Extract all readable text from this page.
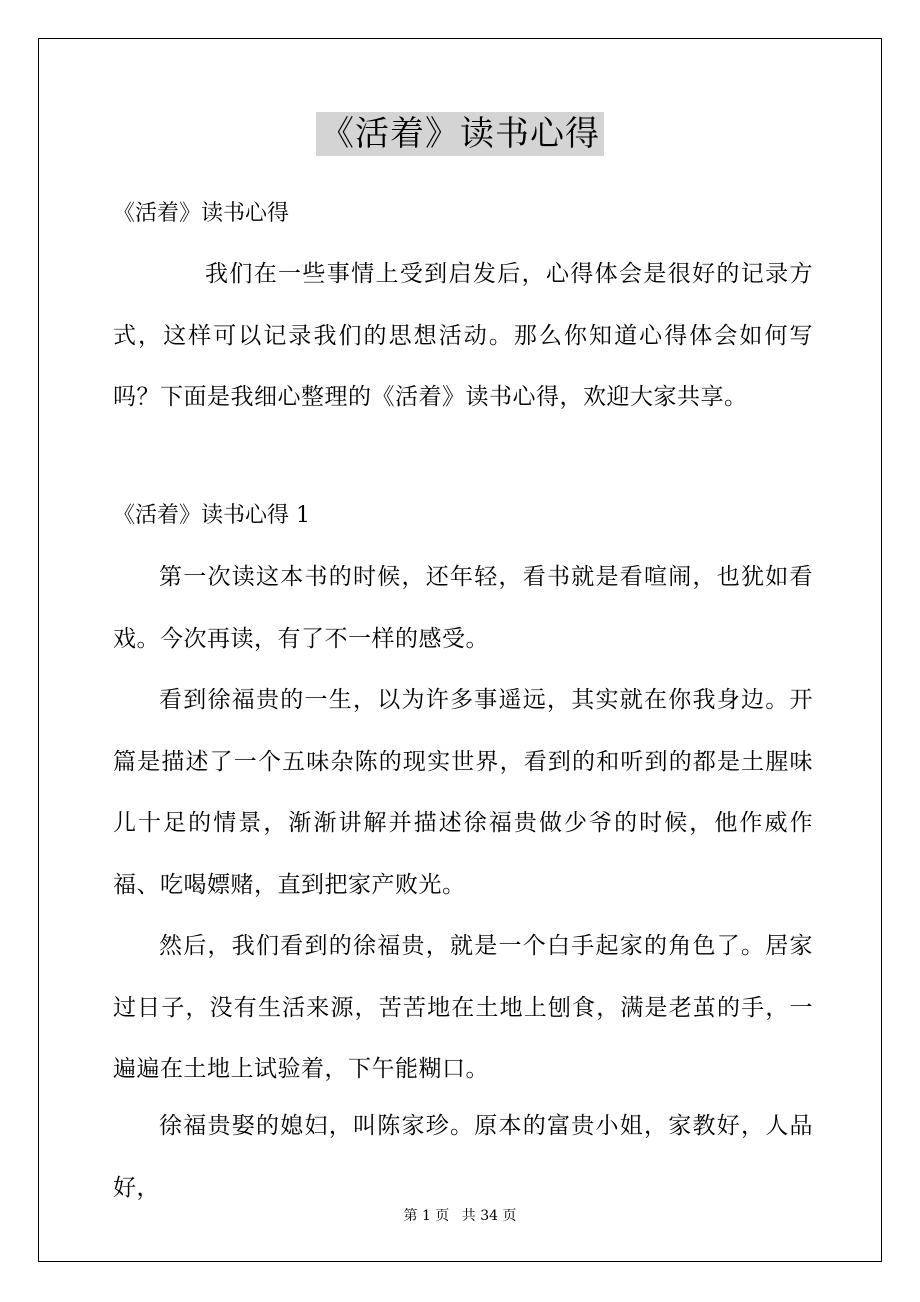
《活着》读书心得
《活着》读书心得

我们在一些事情上受到启发后，心得体会是很好的记录方式，这样可以记录我们的思想活动。那么你知道心得体会如何写吗？下面是我细心整理的《活着》读书心得，欢迎大家共享。

《活着》读书心得 1

第一次读这本书的时候，还年轻，看书就是看喧闹，也犹如看戏。今次再读，有了不一样的感受。

看到徐福贵的一生，以为许多事遥远，其实就在你我身边。开篇是描述了一个五味杂陈的现实世界，看到的和听到的都是土腥味儿十足的情景，渐渐讲解并描述徐福贵做少爷的时候，他作威作福、吃喝嫖赌，直到把家产败光。

然后，我们看到的徐福贵，就是一个白手起家的角色了。居家过日子，没有生活来源，苦苦地在土地上刨食，满是老茧的手，一遍遍在土地上试验着，下午能糊口。

徐福贵娶的媳妇，叫陈家珍。原本的富贵小姐，家教好，人品好，

第 1 页 共 34 页
